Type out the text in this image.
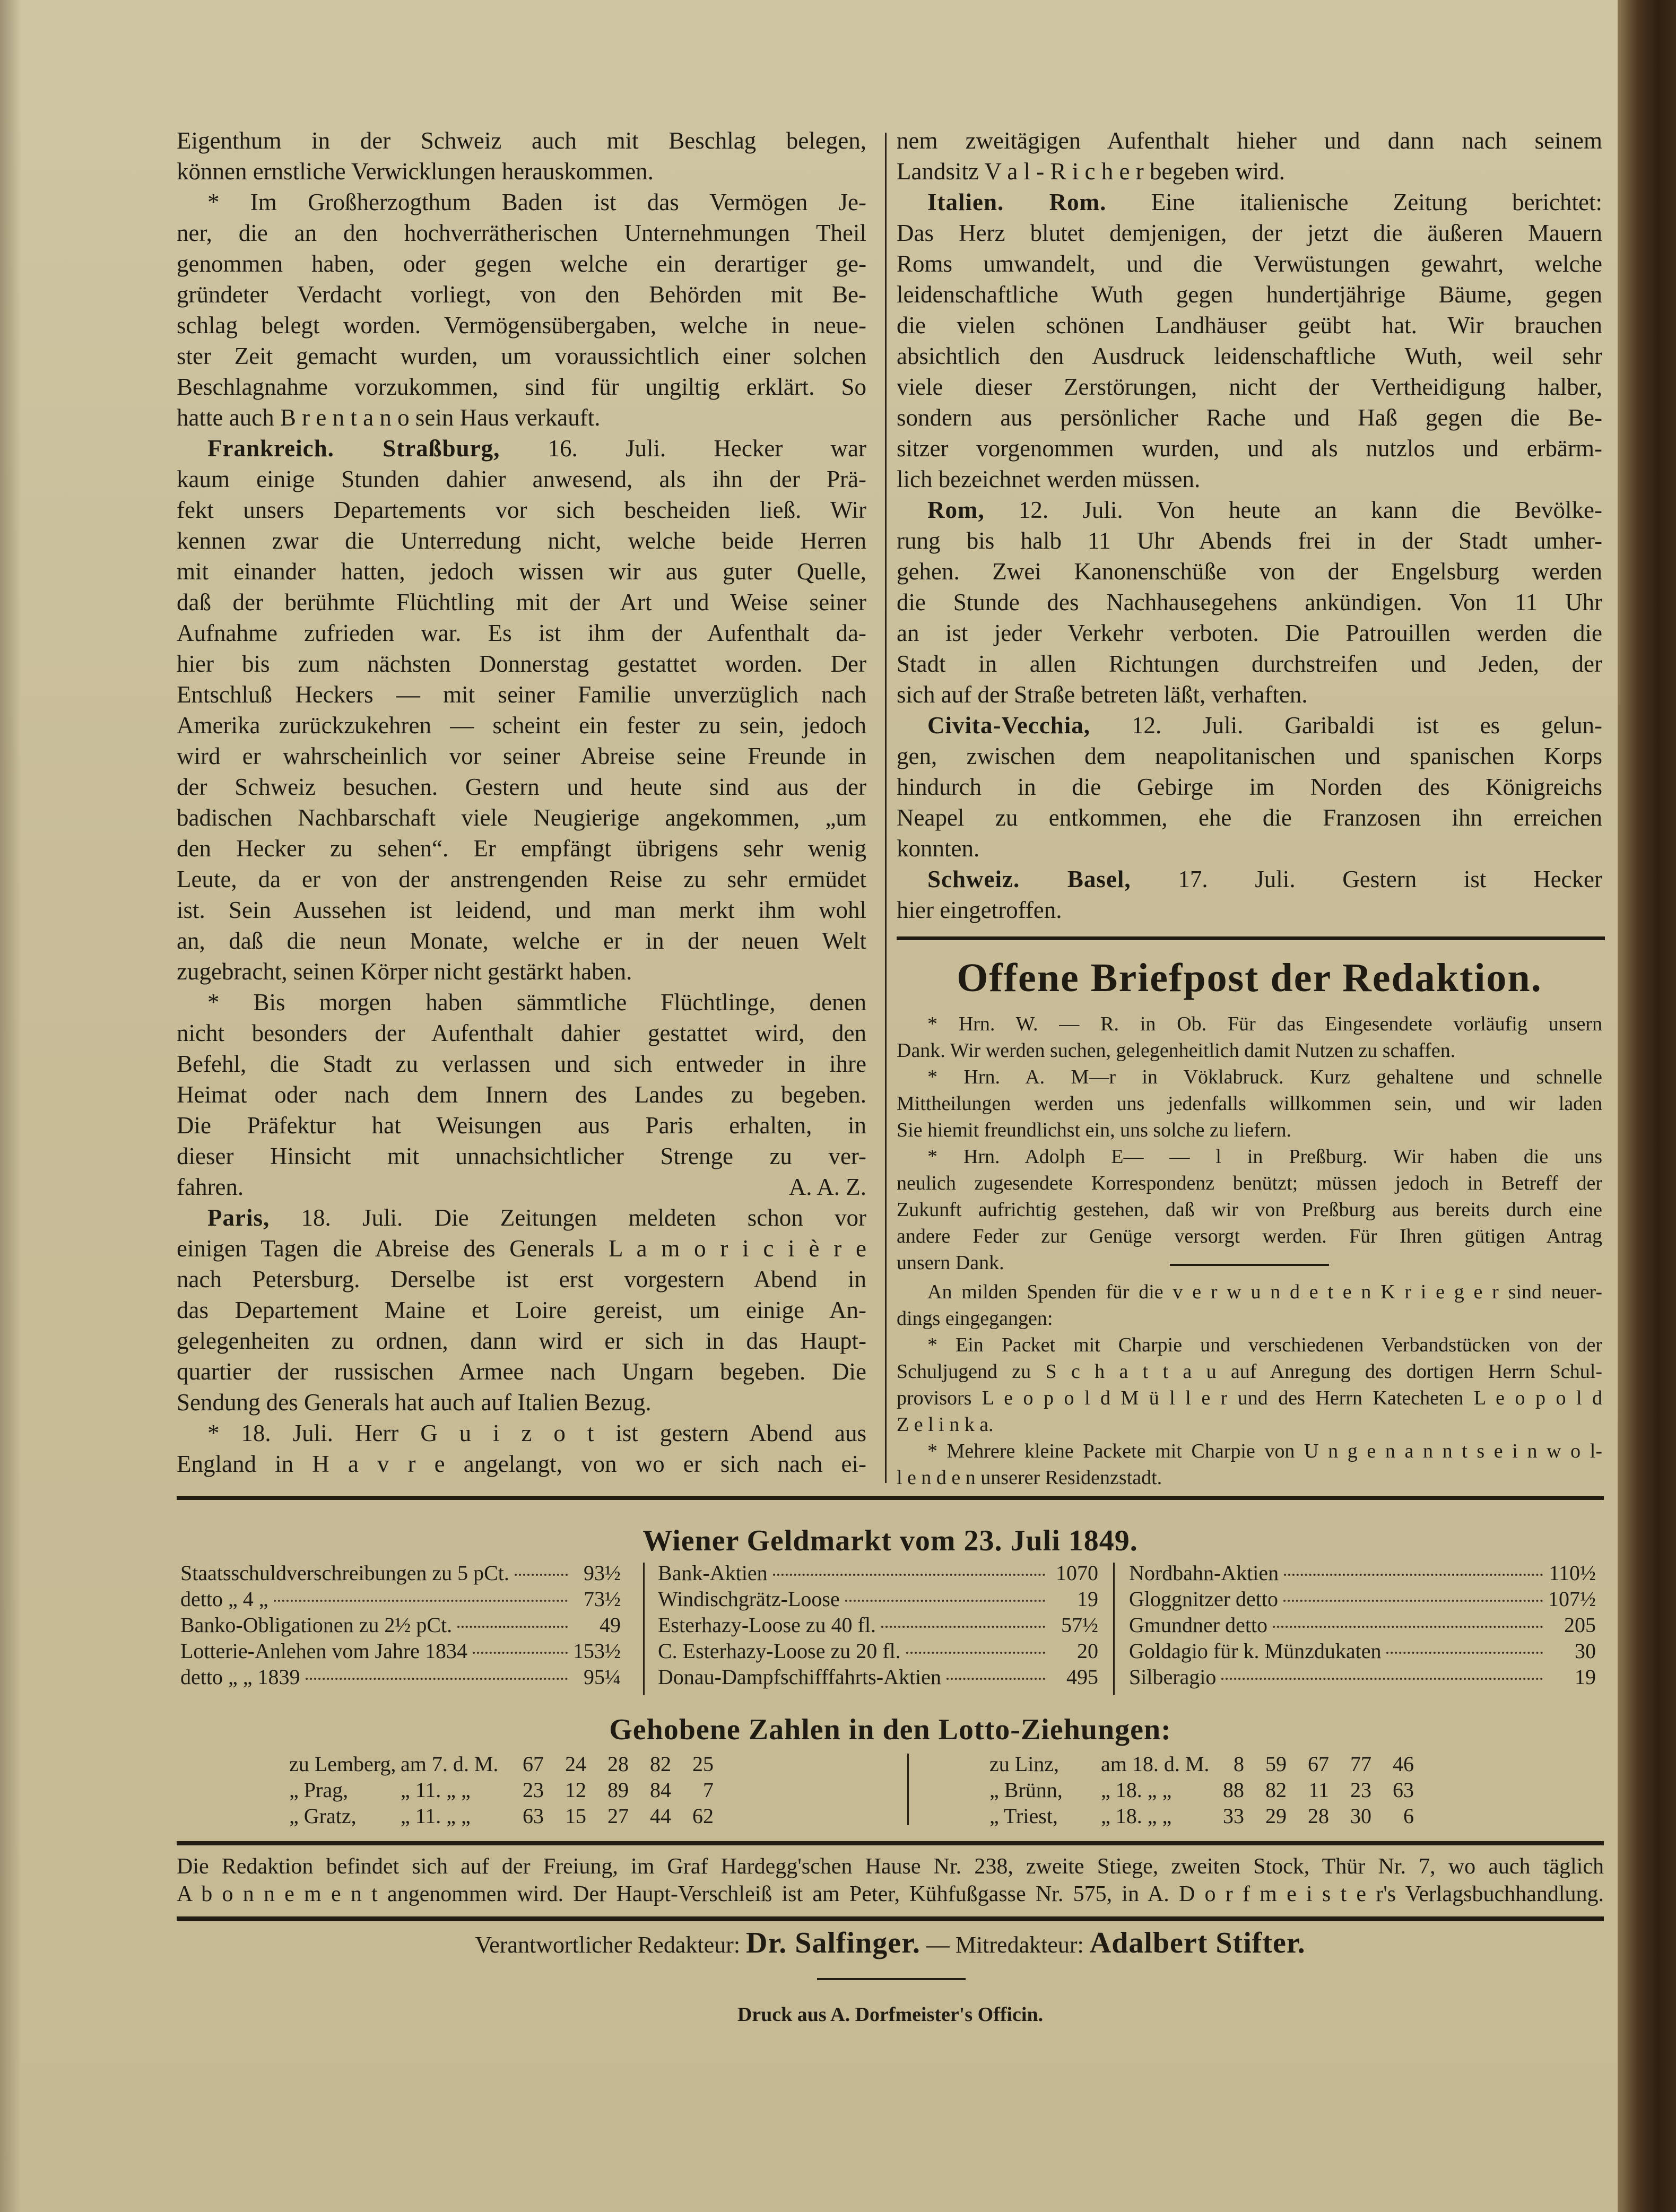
Eigenthum in der Schweiz auch mit Beschlag belegen,
können ernstliche Verwicklungen herauskommen.
* Im Großherzogthum Baden ist das Vermögen Je-
ner, die an den hochverrätherischen Unternehmungen Theil
genommen haben, oder gegen welche ein derartiger ge-
gründeter Verdacht vorliegt, von den Behörden mit Be-
schlag belegt worden. Vermögensübergaben, welche in neue-
ster Zeit gemacht wurden, um voraussichtlich einer solchen
Beschlagnahme vorzukommen, sind für ungiltig erklärt. So
hatte auch B r e n t a n o sein Haus verkauft.
Frankreich. Straßburg, 16. Juli. Hecker war
kaum einige Stunden dahier anwesend, als ihn der Prä-
fekt unsers Departements vor sich bescheiden ließ. Wir
kennen zwar die Unterredung nicht, welche beide Herren
mit einander hatten, jedoch wissen wir aus guter Quelle,
daß der berühmte Flüchtling mit der Art und Weise seiner
Aufnahme zufrieden war. Es ist ihm der Aufenthalt da-
hier bis zum nächsten Donnerstag gestattet worden. Der
Entschluß Heckers — mit seiner Familie unverzüglich nach
Amerika zurückzukehren — scheint ein fester zu sein, jedoch
wird er wahrscheinlich vor seiner Abreise seine Freunde in
der Schweiz besuchen. Gestern und heute sind aus der
badischen Nachbarschaft viele Neugierige angekommen, „um
den Hecker zu sehen“. Er empfängt übrigens sehr wenig
Leute, da er von der anstrengenden Reise zu sehr ermüdet
ist. Sein Aussehen ist leidend, und man merkt ihm wohl
an, daß die neun Monate, welche er in der neuen Welt
zugebracht, seinen Körper nicht gestärkt haben.
* Bis morgen haben sämmtliche Flüchtlinge, denen
nicht besonders der Aufenthalt dahier gestattet wird, den
Befehl, die Stadt zu verlassen und sich entweder in ihre
Heimat oder nach dem Innern des Landes zu begeben.
Die Präfektur hat Weisungen aus Paris erhalten, in
dieser Hinsicht mit unnachsichtlicher Strenge zu ver-
fahren.	A. A. Z.
Paris, 18. Juli. Die Zeitungen meldeten schon vor
einigen Tagen die Abreise des Generals L a m o r i c i è r e
nach Petersburg. Derselbe ist erst vorgestern Abend in
das Departement Maine et Loire gereist, um einige An-
gelegenheiten zu ordnen, dann wird er sich in das Haupt-
quartier der russischen Armee nach Ungarn begeben. Die
Sendung des Generals hat auch auf Italien Bezug.
* 18. Juli. Herr G u i z o t ist gestern Abend aus
England in H a v r e angelangt, von wo er sich nach ei-
nem zweitägigen Aufenthalt hieher und dann nach seinem
Landsitz V a l - R i c h e r begeben wird.
Italien. Rom. Eine italienische Zeitung berichtet:
Das Herz blutet demjenigen, der jetzt die äußeren Mauern
Roms umwandelt, und die Verwüstungen gewahrt, welche
leidenschaftliche Wuth gegen hundertjährige Bäume, gegen
die vielen schönen Landhäuser geübt hat. Wir brauchen
absichtlich den Ausdruck leidenschaftliche Wuth, weil sehr
viele dieser Zerstörungen, nicht der Vertheidigung halber,
sondern aus persönlicher Rache und Haß gegen die Be-
sitzer vorgenommen wurden, und als nutzlos und erbärm-
lich bezeichnet werden müssen.
Rom, 12. Juli. Von heute an kann die Bevölke-
rung bis halb 11 Uhr Abends frei in der Stadt umher-
gehen. Zwei Kanonenschüße von der Engelsburg werden
die Stunde des Nachhausegehens ankündigen. Von 11 Uhr
an ist jeder Verkehr verboten. Die Patrouillen werden die
Stadt in allen Richtungen durchstreifen und Jeden, der
sich auf der Straße betreten läßt, verhaften.
Civita-Vecchia, 12. Juli. Garibaldi ist es gelun-
gen, zwischen dem neapolitanischen und spanischen Korps
hindurch in die Gebirge im Norden des Königreichs
Neapel zu entkommen, ehe die Franzosen ihn erreichen
konnten.
Schweiz. Basel, 17. Juli. Gestern ist Hecker
hier eingetroffen.
Offene Briefpost der Redaktion.
* Hrn. W. — R. in Ob. Für das Eingesendete vorläufig unsern
Dank. Wir werden suchen, gelegenheitlich damit Nutzen zu schaffen.
* Hrn. A. M—r in Vöklabruck. Kurz gehaltene und schnelle
Mittheilungen werden uns jedenfalls willkommen sein, und wir laden
Sie hiemit freundlichst ein, uns solche zu liefern.
* Hrn. Adolph E— — l in Preßburg. Wir haben die uns
neulich zugesendete Korrespondenz benützt; müssen jedoch in Betreff der
Zukunft aufrichtig gestehen, daß wir von Preßburg aus bereits durch eine
andere Feder zur Genüge versorgt werden. Für Ihren gütigen Antrag
unsern Dank.
An milden Spenden für die v e r w u n d e t e n K r i e g e r sind neuer-
dings eingegangen:
* Ein Packet mit Charpie und verschiedenen Verbandstücken von der
Schuljugend zu S c h a t t a u auf Anregung des dortigen Herrn Schul-
provisors L e o p o l d M ü l l e r und des Herrn Katecheten L e o p o l d
Z e l i n k a.
* Mehrere kleine Packete mit Charpie von U n g e n a n n t s e i n w o l-
l e n d e n unserer Residenzstadt.
Wiener Geldmarkt vom 23. Juli 1849.
Staatsschuldverschreibungen zu 5 pCt.	93½
detto „ 4 „	73½
Banko-Obligationen zu 2½ pCt.	49
Lotterie-Anlehen vom Jahre 1834	153½
detto „ „ 1839	95¼
Bank-Aktien	1070
Windischgrätz-Loose	19
Esterhazy-Loose zu 40 fl.	57½
C. Esterhazy-Loose zu 20 fl.	20
Donau-Dampfschifffahrts-Aktien	495
Nordbahn-Aktien	110½
Gloggnitzer detto	107½
Gmundner detto	205
Goldagio für k. Münzdukaten	30
Silberagio	19
Gehobene Zahlen in den Lotto-Ziehungen:
zu Lemberg, am 7. d. M.	67	24	28	82	25
„ Prag,	„ 11. „ „	23	12	89	84	7
„ Gratz,	„ 11. „ „	63	15	27	44	62
zu Linz,	am 18. d. M.	8	59	67	77	46
„ Brünn,	„ 18. „ „	88	82	11	23	63
„ Triest,	„ 18. „ „	33	29	28	30	6
Die Redaktion befindet sich auf der Freiung, im Graf Hardegg'schen Hause Nr. 238, zweite Stiege, zweiten Stock, Thür Nr. 7, wo auch täglich
A b o n n e m e n t angenommen wird. Der Haupt-Verschleiß ist am Peter, Kühfußgasse Nr. 575, in A. D o r f m e i s t e r's Verlagsbuchhandlung.
Verantwortlicher Redakteur: Dr. Salfinger. — Mitredakteur: Adalbert Stifter.
Druck aus A. Dorfmeister's Officin.
